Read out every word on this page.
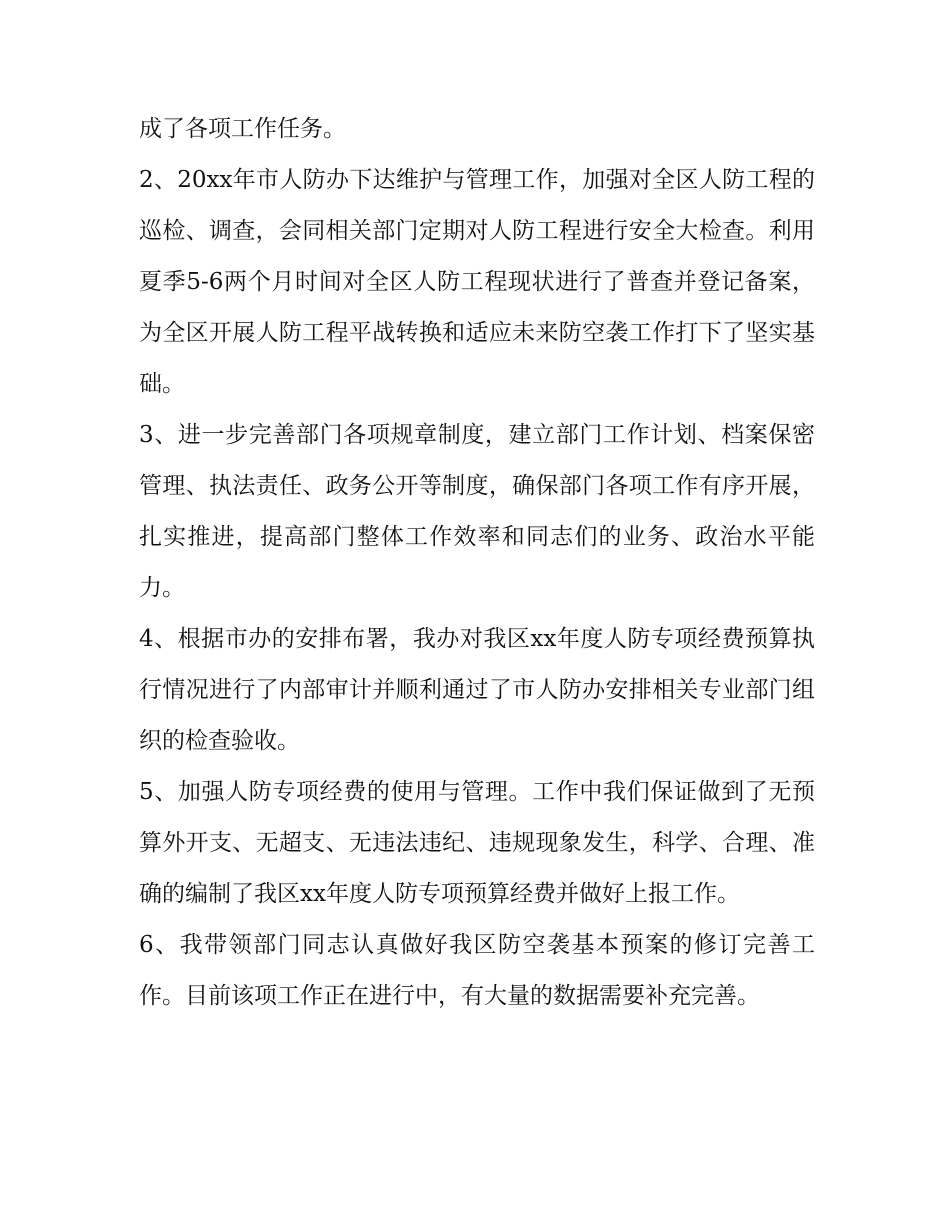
成了各项工作任务。

2、20xx年市人防办下达维护与管理工作，加强对全区人防工程的巡检、调查，会同相关部门定期对人防工程进行安全大检查。利用夏季5-6两个月时间对全区人防工程现状进行了普查并登记备案，为全区开展人防工程平战转换和适应未来防空袭工作打下了坚实基础。

3、进一步完善部门各项规章制度，建立部门工作计划、档案保密管理、执法责任、政务公开等制度，确保部门各项工作有序开展，扎实推进，提高部门整体工作效率和同志们的业务、政治水平能力。

4、根据市办的安排布署，我办对我区xx年度人防专项经费预算执行情况进行了内部审计并顺利通过了市人防办安排相关专业部门组织的检查验收。

5、加强人防专项经费的使用与管理。工作中我们保证做到了无预算外开支、无超支、无违法违纪、违规现象发生，科学、合理、准确的编制了我区xx年度人防专项预算经费并做好上报工作。

6、我带领部门同志认真做好我区防空袭基本预案的修订完善工作。目前该项工作正在进行中，有大量的数据需要补充完善。
